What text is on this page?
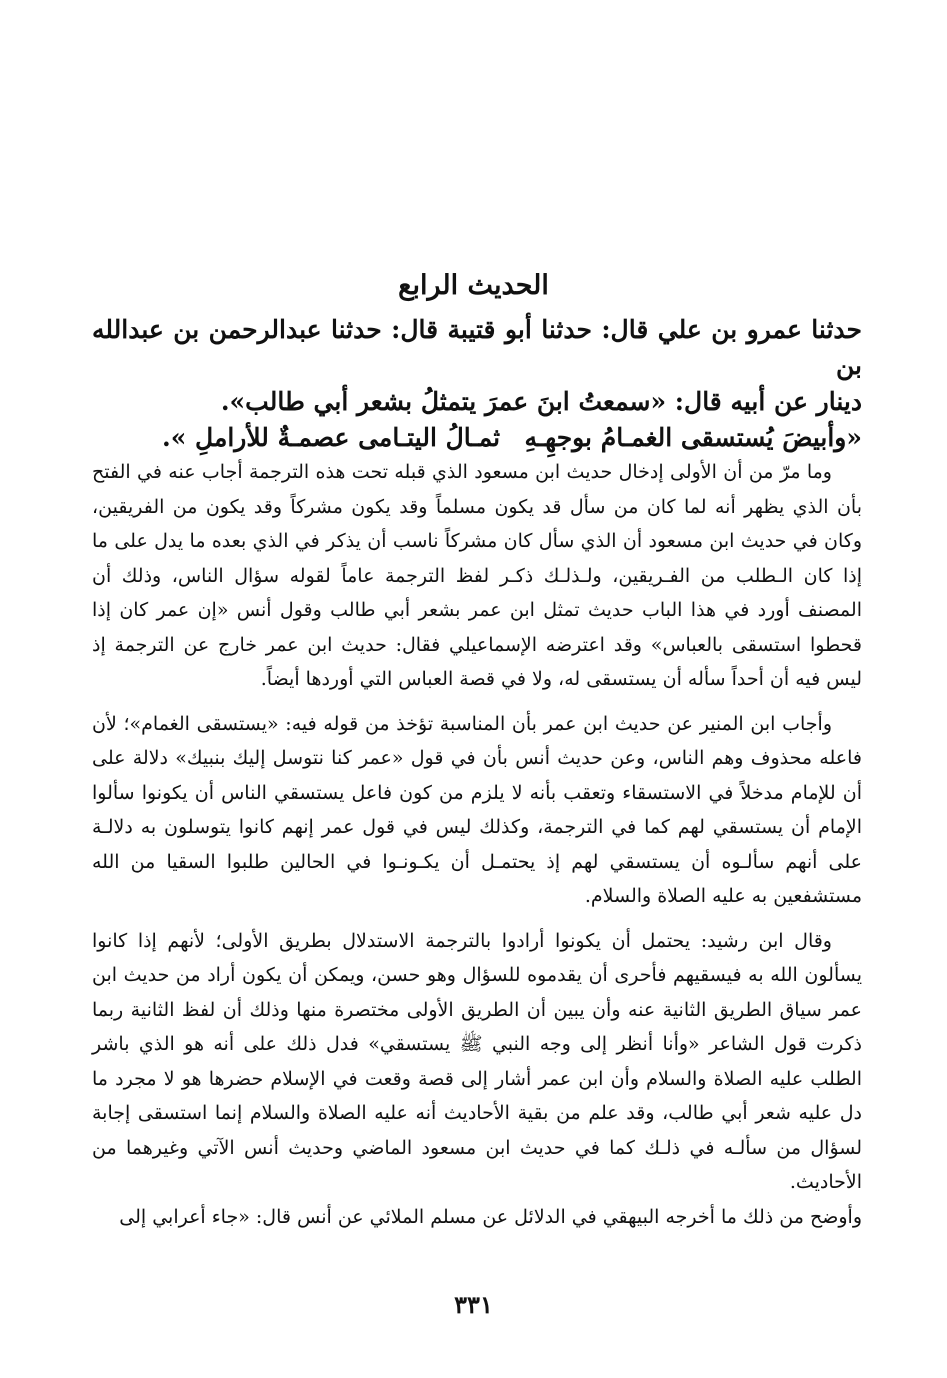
الحديث الرابع

حدثنا عمرو بن علي قال: حدثنا أبو قتيبة قال: حدثنا عبدالرحمن بن عبدالله بن

دينار عن أبيه قال: «سمعتُ ابنَ عمرَ يتمثلُ بشعر أبي طالب».

«وأبيضَ يُستسقى الغمـامُ بوجهِـهِ
ثمـالُ اليتـامى عصمـةٌ للأراملِ ».

وما مرّ من أن الأولى إدخال حديث ابن مسعود الذي قبله تحت هذه الترجمة أجاب عنه في الفتح بأن الذي يظهر أنه لما كان من سأل قد يكون مسلماً وقد يكون مشركاً وقد يكون من الفريقين، وكان في حديث ابن مسعود أن الذي سأل كان مشركاً ناسب أن يذكر في الذي بعده ما يدل على ما إذا كان الـطلب من الفـريقين، ولـذلـك ذكـر لفظ الترجمة عاماً لقوله سؤال الناس، وذلك أن المصنف أورد في هذا الباب حديث تمثل ابن عمر بشعر أبي طالب وقول أنس «إن عمر كان إذا قحطوا استسقى بالعباس» وقد اعترضه الإسماعيلي فقال: حديث ابن عمر خارج عن الترجمة إذ ليس فيه أن أحداً سأله أن يستسقى له، ولا في قصة العباس التي أوردها أيضاً.

وأجاب ابن المنير عن حديث ابن عمر بأن المناسبة تؤخذ من قوله فيه: «يستسقى الغمام»؛ لأن فاعله محذوف وهم الناس، وعن حديث أنس بأن في قول «عمر كنا نتوسل إليك بنبيك» دلالة على أن للإمام مدخلاً في الاستسقاء وتعقب بأنه لا يلزم من كون فاعل يستسقي الناس أن يكونوا سألوا الإمام أن يستسقي لهم كما في الترجمة، وكذلك ليس في قول عمر إنهم كانوا يتوسلون به دلالـة على أنهم سألـوه أن يستسقي لهم إذ يحتمـل أن يكـونـوا في الحالين طلبوا السقيا من الله مستشفعين به عليه الصلاة والسلام.

وقال ابن رشيد: يحتمل أن يكونوا أرادوا بالترجمة الاستدلال بطريق الأولى؛ لأنهم إذا كانوا يسألون الله به فيسقيهم فأحرى أن يقدموه للسؤال وهو حسن، ويمكن أن يكون أراد من حديث ابن عمر سياق الطريق الثانية عنه وأن يبين أن الطريق الأولى مختصرة منها وذلك أن لفظ الثانية ربما ذكرت قول الشاعر «وأنا أنظر إلى وجه النبي ﷺ يستسقي» فدل ذلك على أنه هو الذي باشر الطلب عليه الصلاة والسلام وأن ابن عمر أشار إلى قصة وقعت في الإسلام حضرها هو لا مجرد ما دل عليه شعر أبي طالب، وقد علم من بقية الأحاديث أنه عليه الصلاة والسلام إنما استسقى إجابة لسؤال من سألـه في ذلـك كما في حديث ابن مسعود الماضي وحديث أنس الآتي وغيرهما من الأحاديث.

وأوضح من ذلك ما أخرجه البيهقي في الدلائل عن مسلم الملائي عن أنس قال: «جاء أعرابي إلى

٣٣١
